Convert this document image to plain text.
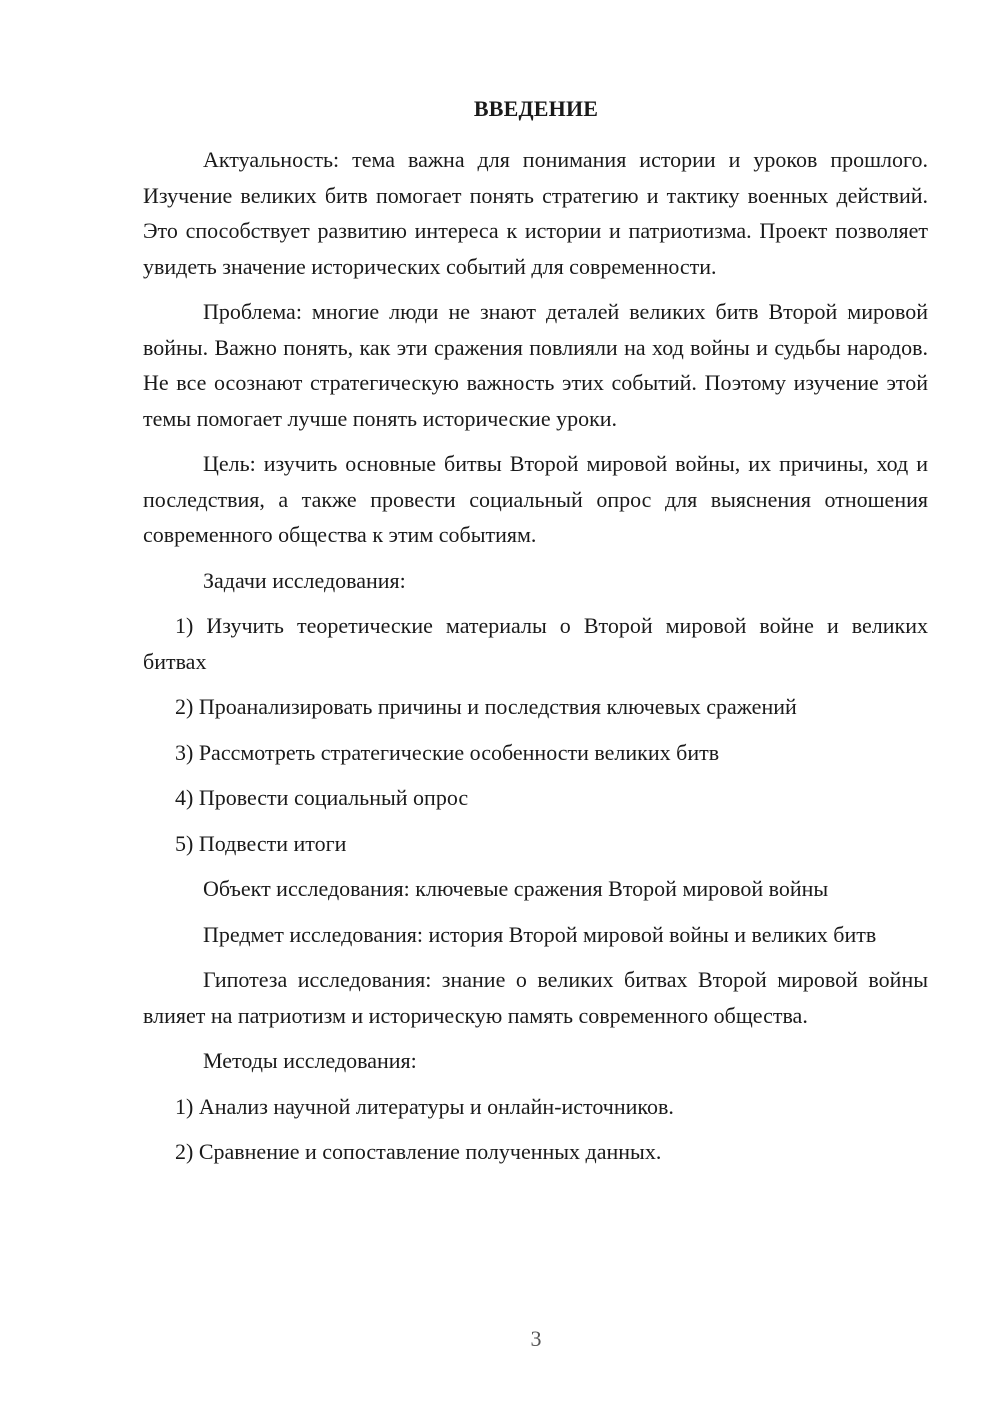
ВВЕДЕНИЕ

Актуальность: тема важна для понимания истории и уроков прошлого. Изучение великих битв помогает понять стратегию и тактику военных действий. Это способствует развитию интереса к истории и патриотизма. Проект позволяет увидеть значение исторических событий для современности.

Проблема: многие люди не знают деталей великих битв Второй мировой войны. Важно понять, как эти сражения повлияли на ход войны и судьбы народов. Не все осознают стратегическую важность этих событий. Поэтому изучение этой темы помогает лучше понять исторические уроки.

Цель: изучить основные битвы Второй мировой войны, их причины, ход и последствия, а также провести социальный опрос для выяснения отношения современного общества к этим событиям.

Задачи исследования:

1) Изучить теоретические материалы о Второй мировой войне и великих битвах

2) Проанализировать причины и последствия ключевых сражений

3) Рассмотреть стратегические особенности великих битв

4) Провести социальный опрос

5) Подвести итоги

Объект исследования: ключевые сражения Второй мировой войны

Предмет исследования: история Второй мировой войны и великих битв

Гипотеза исследования: знание о великих битвах Второй мировой войны влияет на патриотизм и историческую память современного общества.

Методы исследования:

1) Анализ научной литературы и онлайн-источников.

2) Сравнение и сопоставление полученных данных.

3
